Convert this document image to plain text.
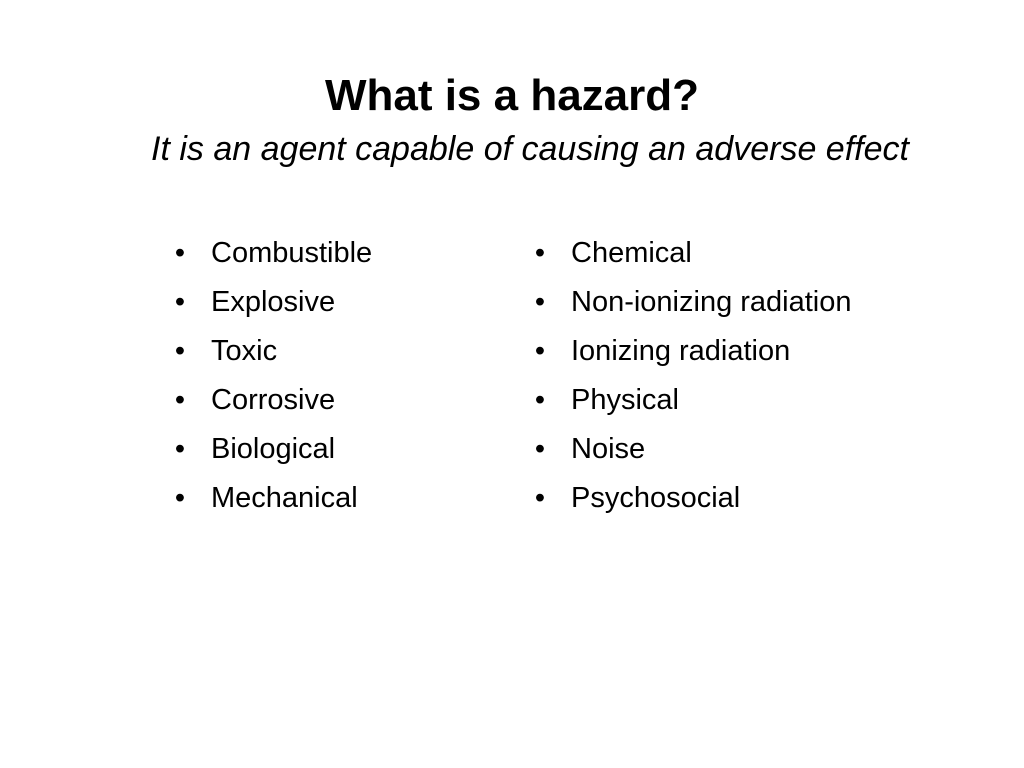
What is a hazard?

It is an agent capable of causing an adverse effect

• Combustible
• Explosive
• Toxic
• Corrosive
• Biological
• Mechanical
• Chemical
• Non-ionizing radiation
• Ionizing radiation
• Physical
• Noise
• Psychosocial
